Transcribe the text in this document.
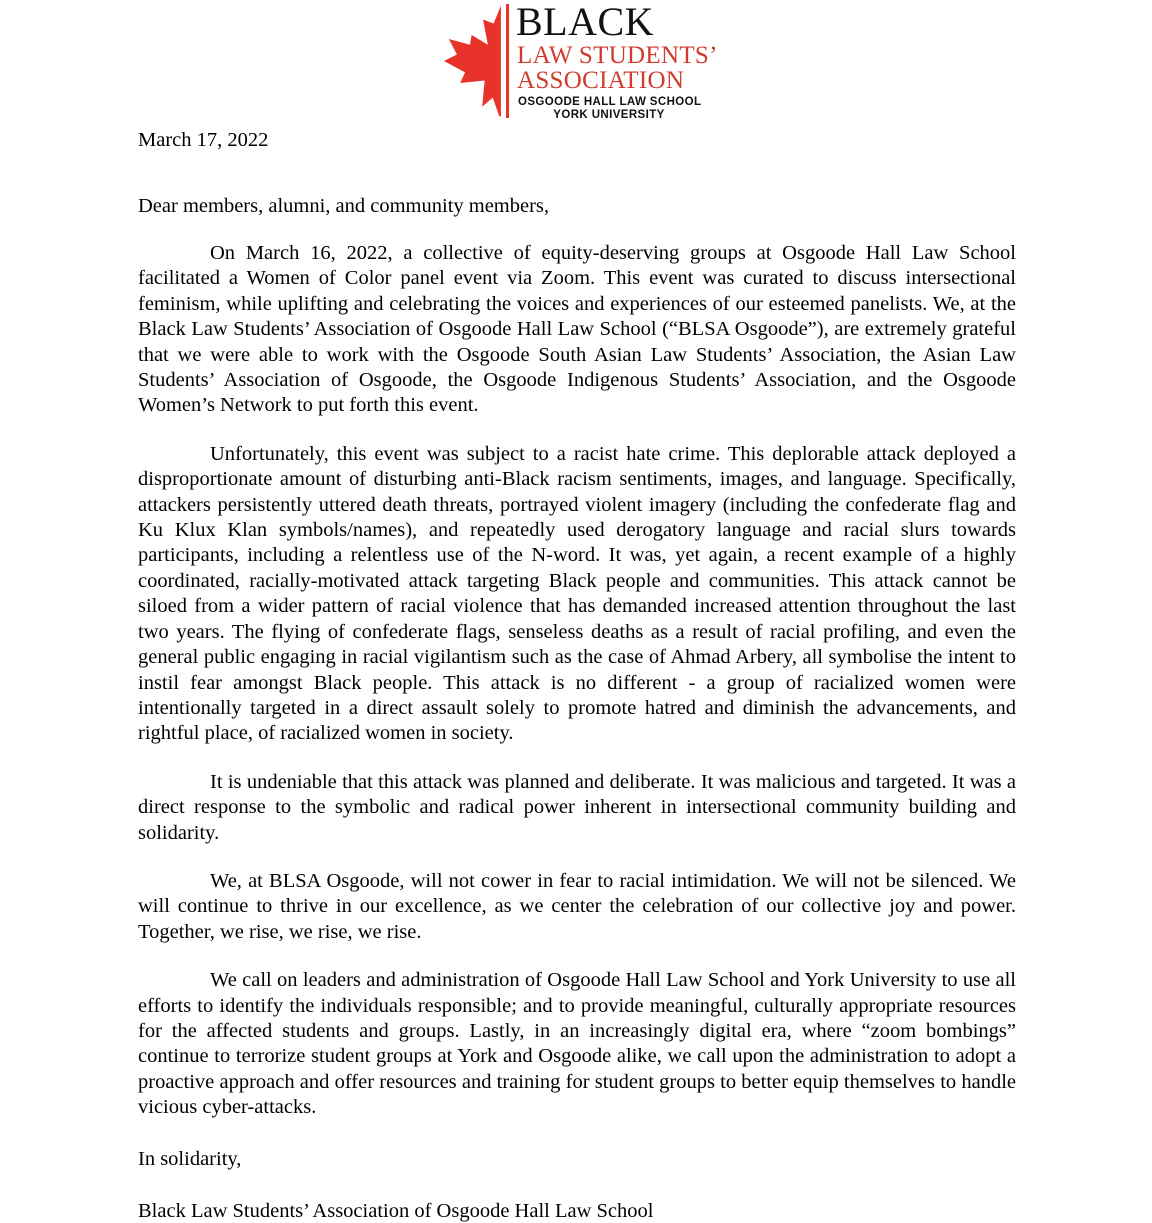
BLACK
LAW STUDENTS’
ASSOCIATION
OSGOODE HALL LAW SCHOOL
YORK UNIVERSITY
March 17, 2022
Dear members, alumni, and community members,

On March 16, 2022, a collective of equity-deserving groups at Osgoode Hall Law School facilitated a Women of Color panel event via Zoom. This event was curated to discuss intersectional feminism, while uplifting and celebrating the voices and experiences of our esteemed panelists. We, at the Black Law Students’ Association of Osgoode Hall Law School (“BLSA Osgoode”), are extremely grateful that we were able to work with the Osgoode South Asian Law Students’ Association, the Asian Law Students’ Association of Osgoode, the Osgoode Indigenous Students’ Association, and the Osgoode Women’s Network to put forth this event.

Unfortunately, this event was subject to a racist hate crime. This deplorable attack deployed a disproportionate amount of disturbing anti-Black racism sentiments, images, and language. Specifically, attackers persistently uttered death threats, portrayed violent imagery (including the confederate flag and Ku Klux Klan symbols/names), and repeatedly used derogatory language and racial slurs towards participants, including a relentless use of the N-word. It was, yet again, a recent example of a highly coordinated, racially-motivated attack targeting Black people and communities. This attack cannot be siloed from a wider pattern of racial violence that has demanded increased attention throughout the last two years. The flying of confederate flags, senseless deaths as a result of racial profiling, and even the general public engaging in racial vigilantism such as the case of Ahmad Arbery, all symbolise the intent to instil fear amongst Black people. This attack is no different - a group of racialized women were intentionally targeted in a direct assault solely to promote hatred and diminish the advancements, and rightful place, of racialized women in society.

It is undeniable that this attack was planned and deliberate. It was malicious and targeted. It was a direct response to the symbolic and radical power inherent in intersectional community building and solidarity.

We, at BLSA Osgoode, will not cower in fear to racial intimidation. We will not be silenced. We will continue to thrive in our excellence, as we center the celebration of our collective joy and power. Together, we rise, we rise, we rise.

We call on leaders and administration of Osgoode Hall Law School and York University to use all efforts to identify the individuals responsible; and to provide meaningful, culturally appropriate resources for the affected students and groups. Lastly, in an increasingly digital era, where “zoom bombings” continue to terrorize student groups at York and Osgoode alike, we call upon the administration to adopt a proactive approach and offer resources and training for student groups to better equip themselves to handle vicious cyber-attacks.

In solidarity,
Black Law Students’ Association of Osgoode Hall Law School
